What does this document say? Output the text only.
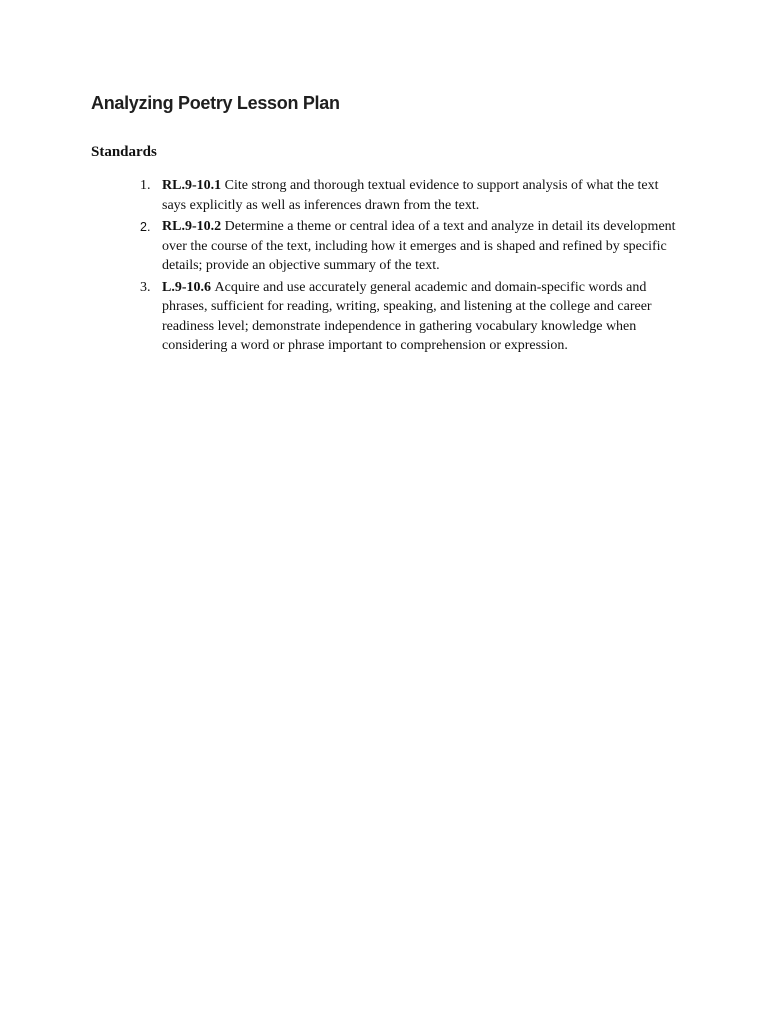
Analyzing Poetry Lesson Plan
Standards
1. RL.9-10.1 Cite strong and thorough textual evidence to support analysis of what the text says explicitly as well as inferences drawn from the text.
2. RL.9-10.2 Determine a theme or central idea of a text and analyze in detail its development over the course of the text, including how it emerges and is shaped and refined by specific details; provide an objective summary of the text.
3. L.9-10.6 Acquire and use accurately general academic and domain-specific words and phrases, sufficient for reading, writing, speaking, and listening at the college and career readiness level; demonstrate independence in gathering vocabulary knowledge when considering a word or phrase important to comprehension or expression.
